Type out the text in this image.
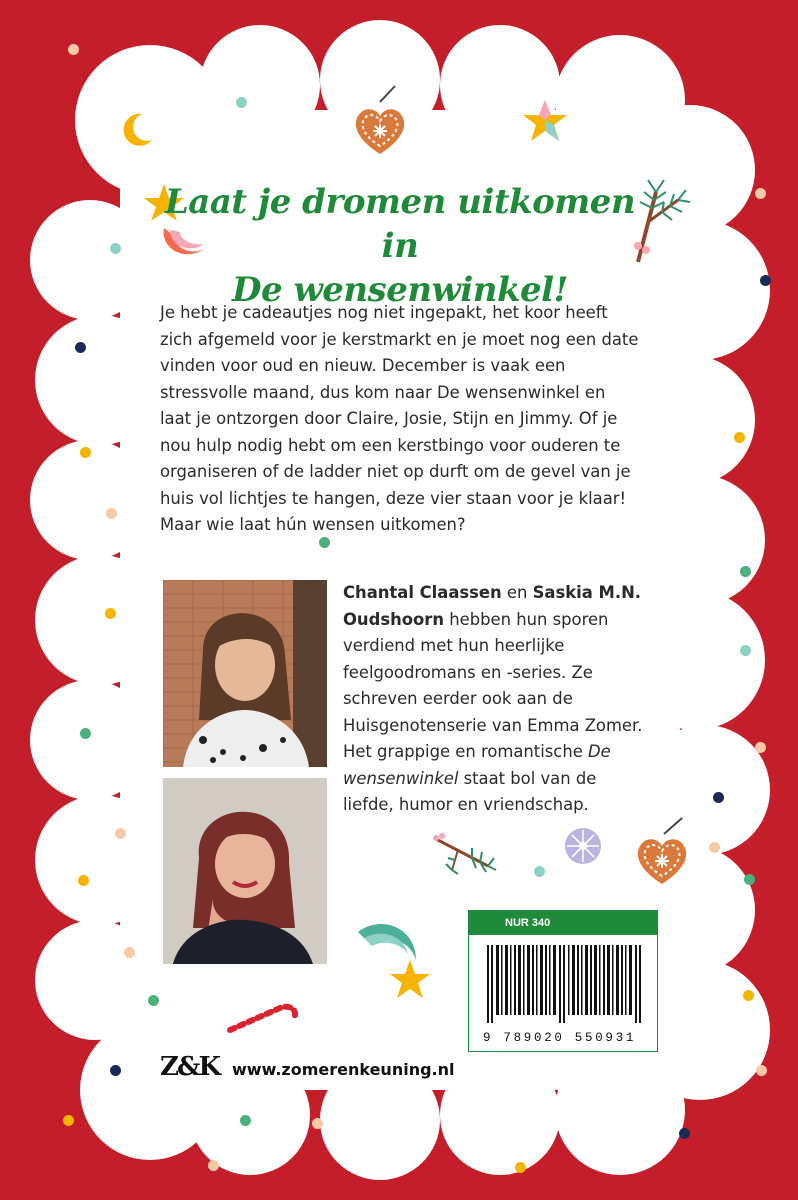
Laat je dromen uitkomen in
De wensenwinkel!
Je hebt je cadeautjes nog niet ingepakt, het koor heeft zich afgemeld voor je kerstmarkt en je moet nog een date vinden voor oud en nieuw. December is vaak een stressvolle maand, dus kom naar De wensenwinkel en laat je ontzorgen door Claire, Josie, Stijn en Jimmy. Of je nou hulp nodig hebt om een kerstbingo voor ouderen te organiseren of de ladder niet op durft om de gevel van je huis vol lichtjes te hangen, deze vier staan voor je klaar! Maar wie laat hún wensen uitkomen?
Chantal Claassen en Saskia M.N. Oudshoorn hebben hun sporen verdiend met hun heerlijke feelgoodromans en -series. Ze schreven eerder ook aan de Huisgenotenserie van Emma Zomer. Het grappige en romantische De wensenwinkel staat bol van de liefde, humor en vriendschap.
NUR 340
9 789020 550931
Z&K www.zomerenkeuning.nl
